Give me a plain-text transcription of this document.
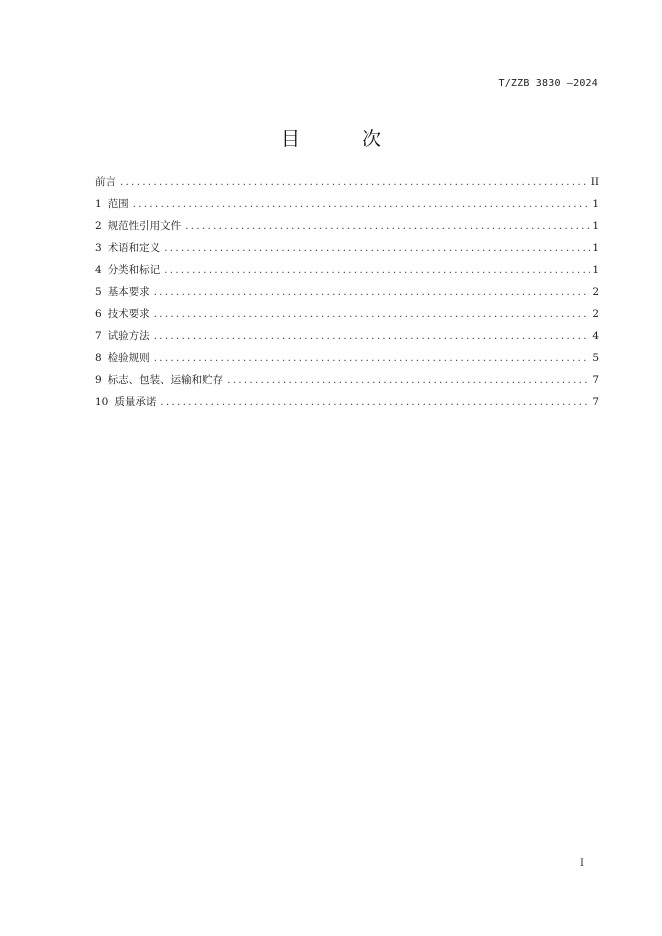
T/ZZB 3830 —2024
目 次
前言 .....	II
1 范围 .....	1
2 规范性引用文件 .....	1
3 术语和定义 .....	1
4 分类和标记 .....	1
5 基本要求 .....	2
6 技术要求 .....	2
7 试验方法 .....	4
8 检验规则 .....	5
9 标志、包装、运输和贮存 .....	7
10 质量承诺 .....	7
I
